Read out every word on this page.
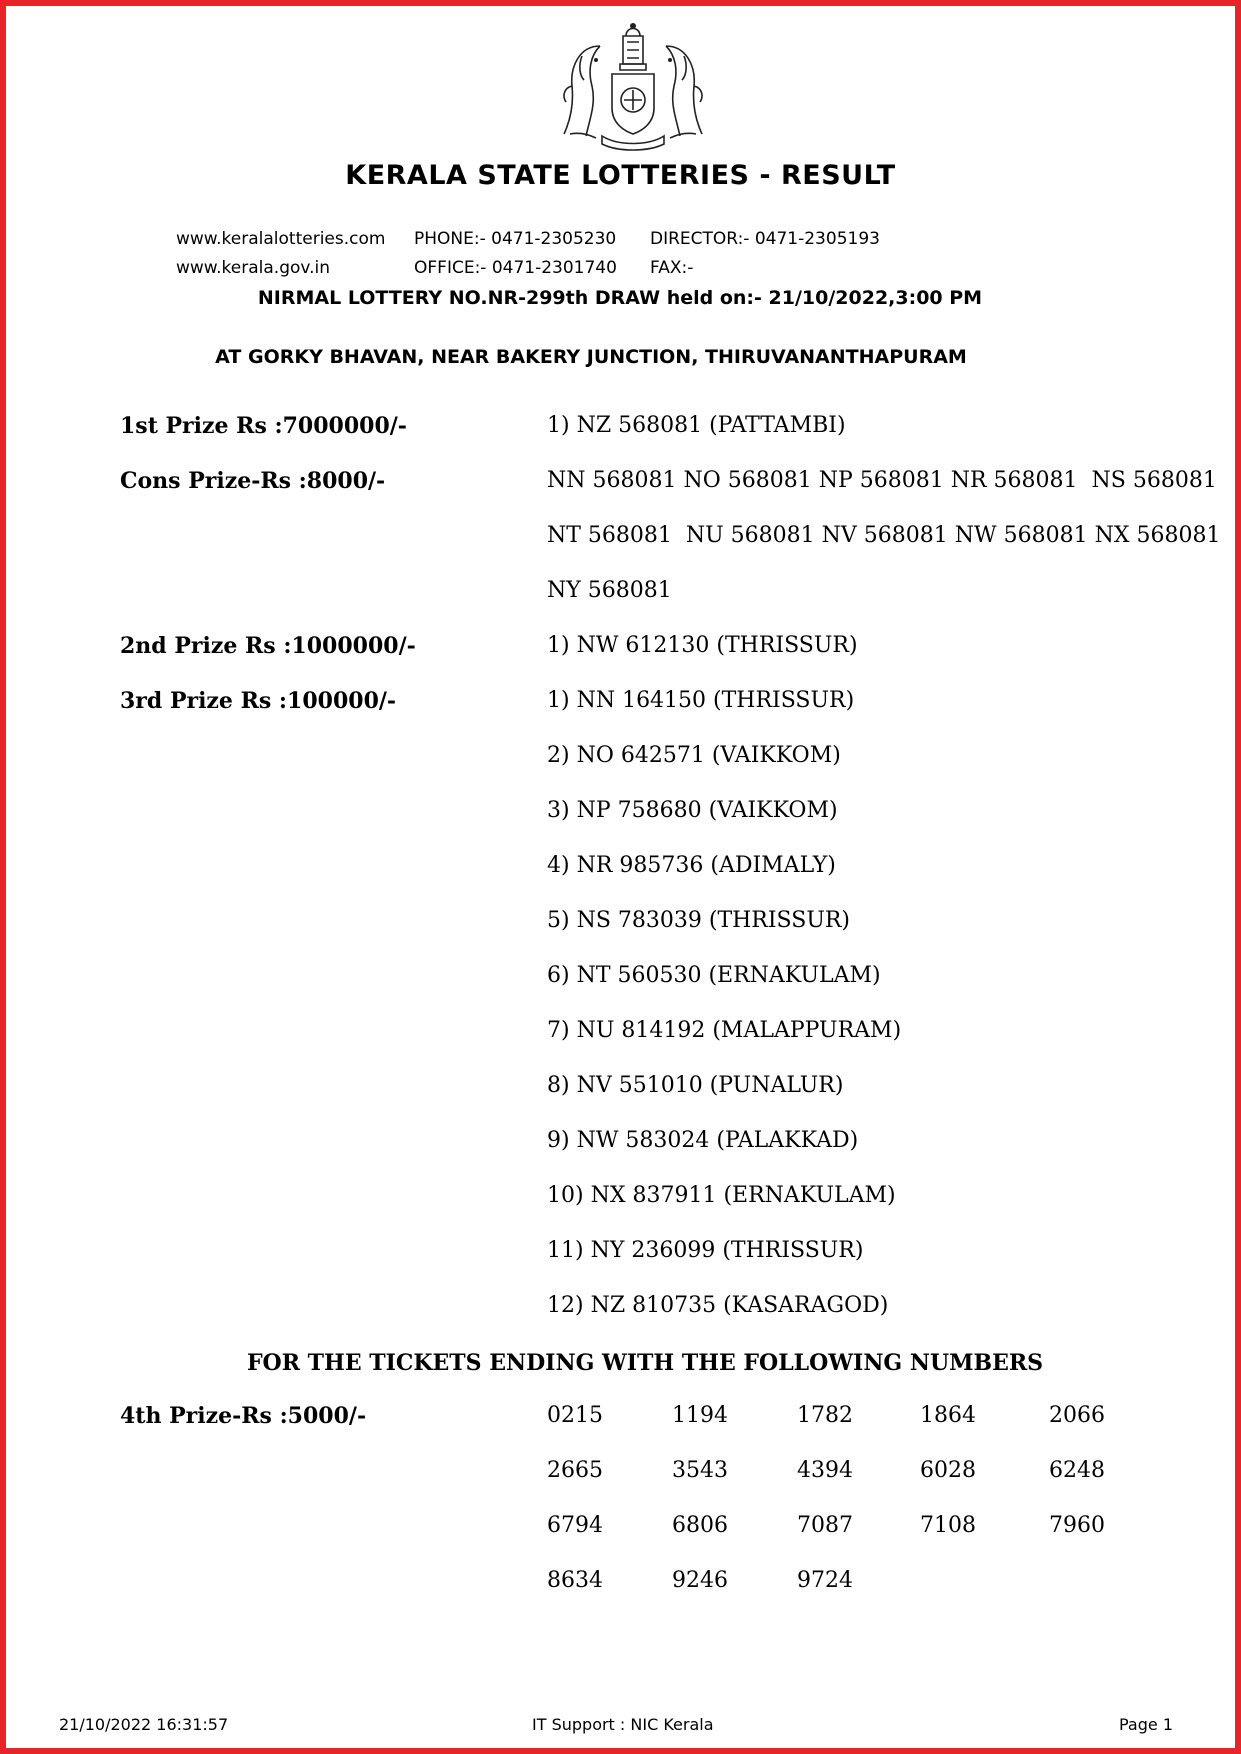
KERALA STATE LOTTERIES - RESULT
www.keralalotteries.com PHONE:- 0471-2305230 DIRECTOR:- 0471-2305193
www.kerala.gov.in	OFFICE:- 0471-2301740 FAX:-
NIRMAL LOTTERY NO.NR-299th DRAW held on:- 21/10/2022,3:00 PM
AT GORKY BHAVAN, NEAR BAKERY JUNCTION, THIRUVANANTHAPURAM
1st Prize Rs :7000000/-	1) NZ 568081 (PATTAMBI)
Cons Prize-Rs :8000/-	NN 568081 NO 568081 NP 568081 NR 568081  NS 568081
NT 568081  NU 568081 NV 568081 NW 568081 NX 568081
NY 568081
2nd Prize Rs :1000000/-	1) NW 612130 (THRISSUR)
3rd Prize Rs :100000/-	1) NN 164150 (THRISSUR)
2) NO 642571 (VAIKKOM)
3) NP 758680 (VAIKKOM)
4) NR 985736 (ADIMALY)
5) NS 783039 (THRISSUR)
6) NT 560530 (ERNAKULAM)
7) NU 814192 (MALAPPURAM)
8) NV 551010 (PUNALUR)
9) NW 583024 (PALAKKAD)
10) NX 837911 (ERNAKULAM)
11) NY 236099 (THRISSUR)
12) NZ 810735 (KASARAGOD)
FOR THE TICKETS ENDING WITH THE FOLLOWING NUMBERS
4th Prize-Rs :5000/-	0215	1194	1782	1864	2066
2665	3543	4394	6028	6248
6794	6806	7087	7108	7960
8634	9246	9724
21/10/2022 16:31:57	IT Support : NIC Kerala	Page 1
